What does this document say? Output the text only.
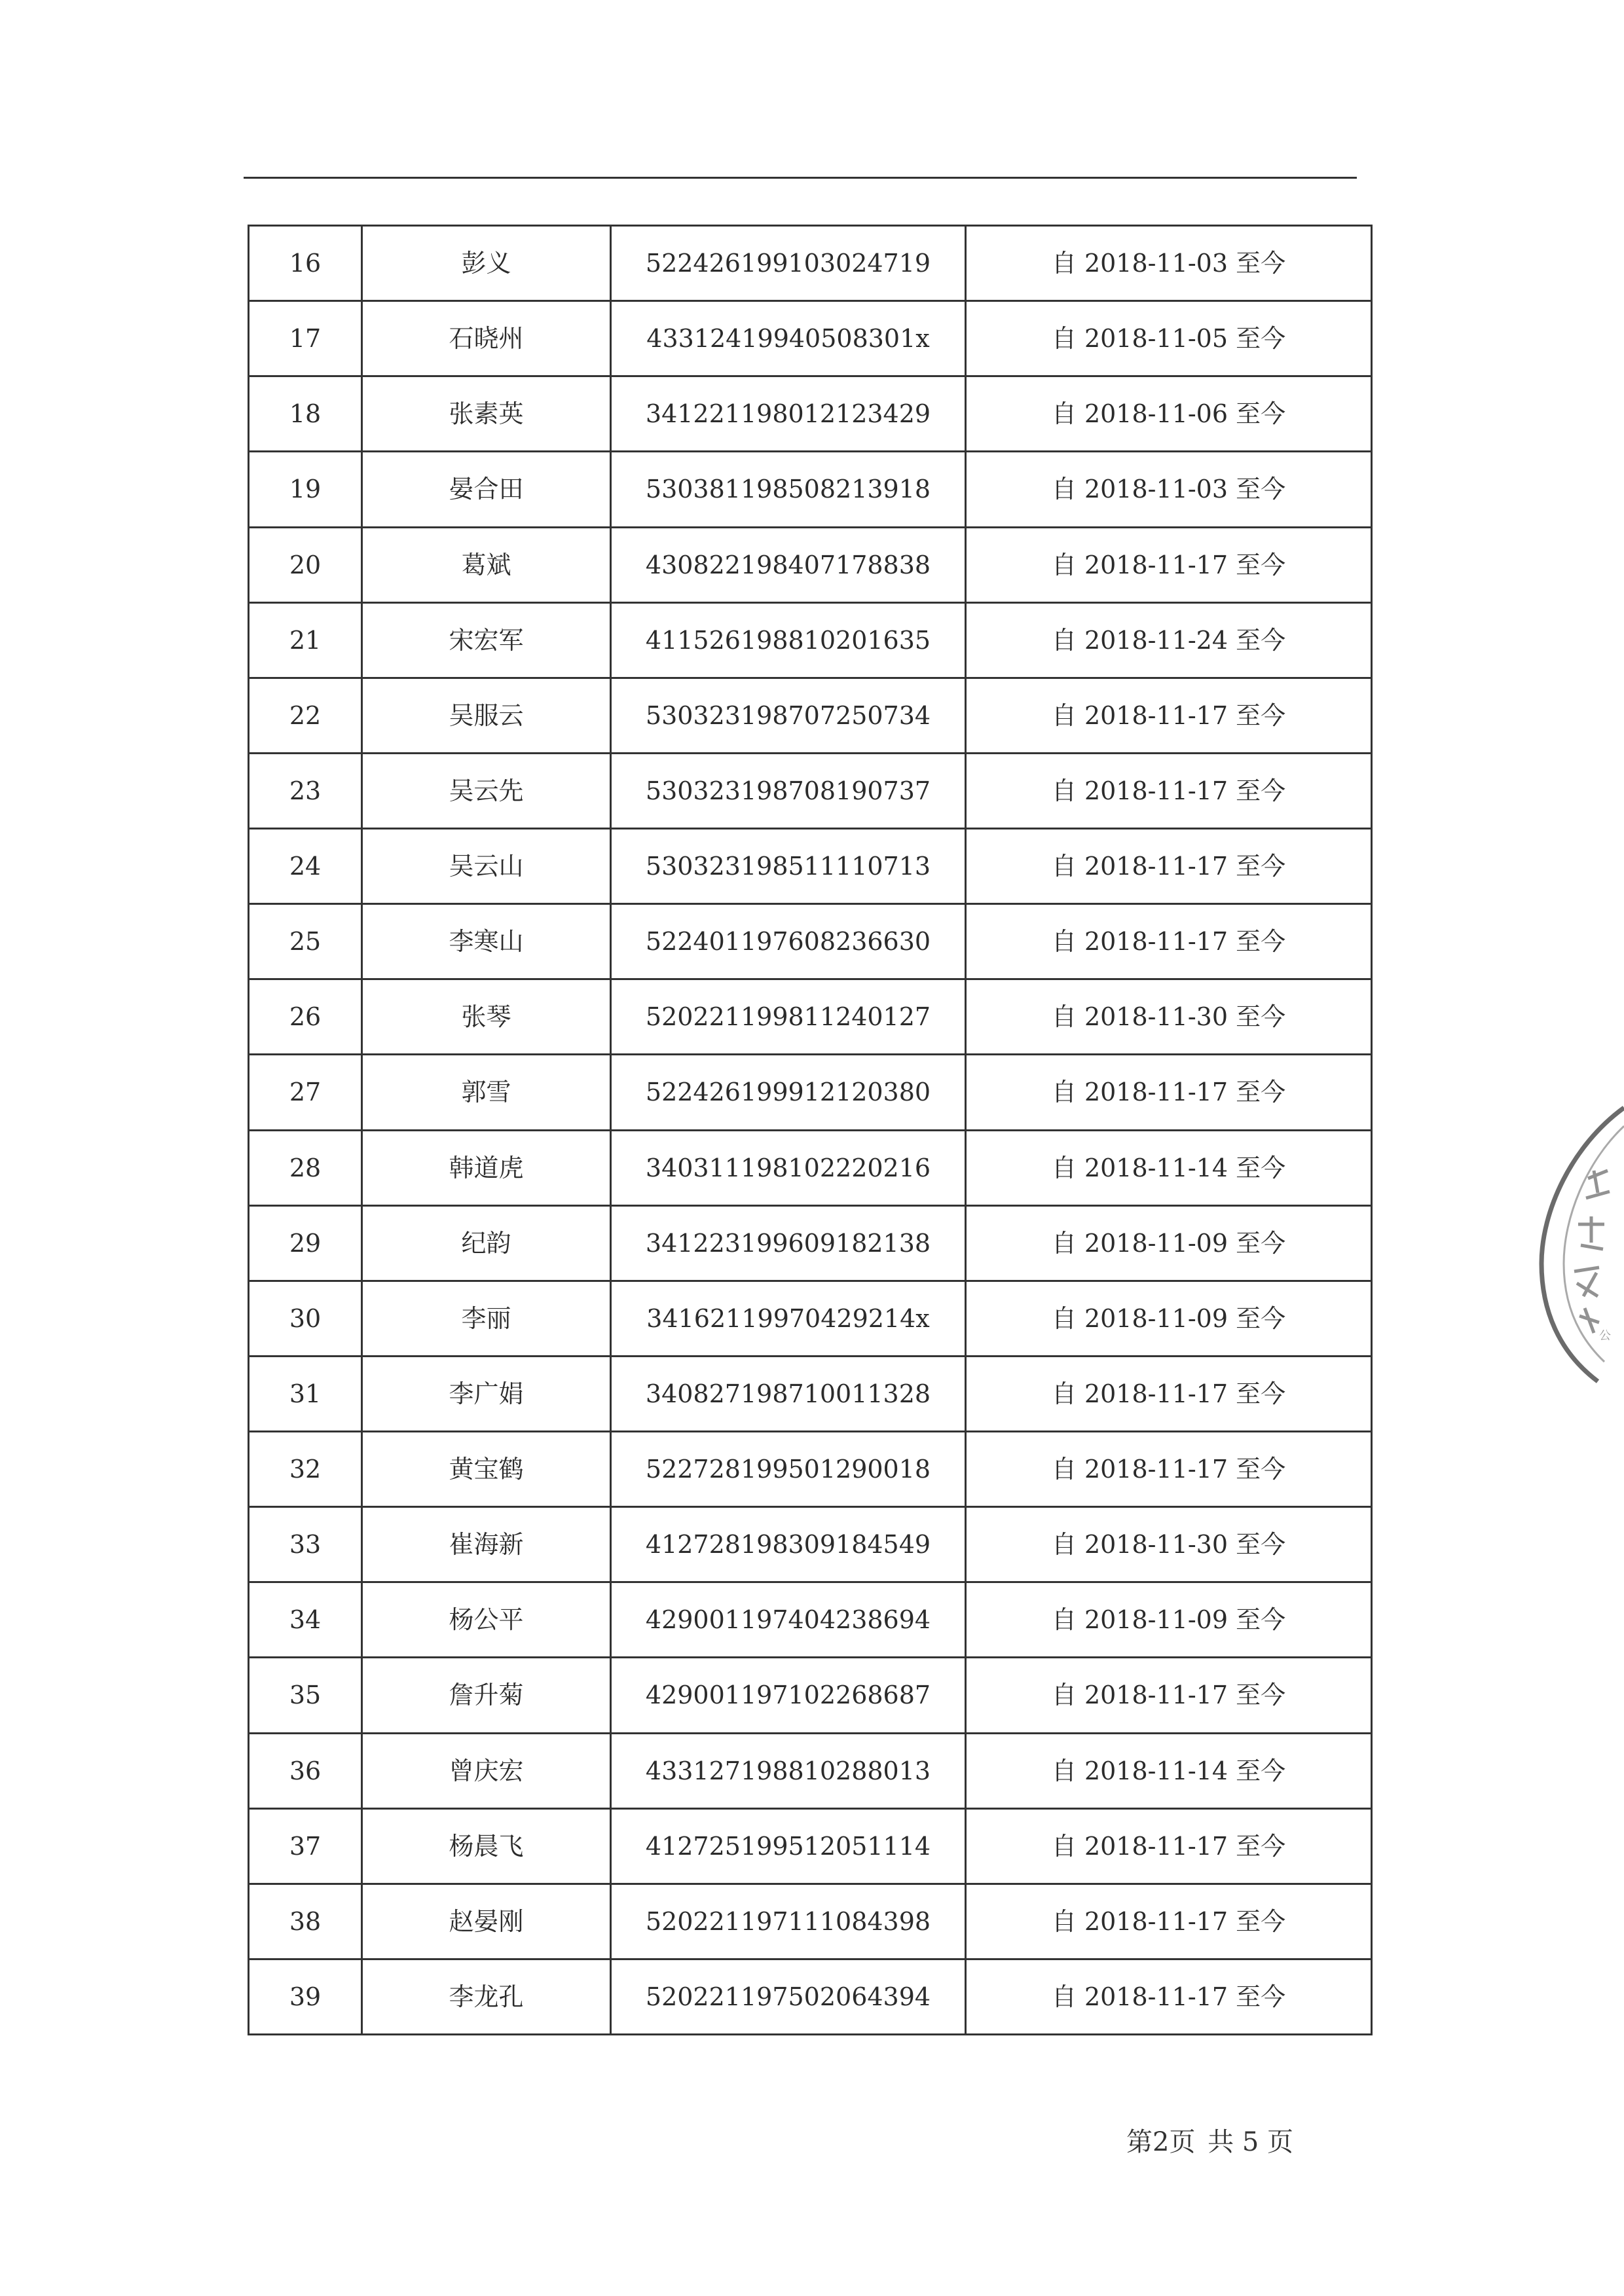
16	彭义	522426199103024719	自 2018-11-03 至今
17	石晓州	43312419940508301x	自 2018-11-05 至今
18	张素英	341221198012123429	自 2018-11-06 至今
19	晏合田	530381198508213918	自 2018-11-03 至今
20	葛斌	430822198407178838	自 2018-11-17 至今
21	宋宏军	411526198810201635	自 2018-11-24 至今
22	吴服云	530323198707250734	自 2018-11-17 至今
23	吴云先	530323198708190737	自 2018-11-17 至今
24	吴云山	530323198511110713	自 2018-11-17 至今
25	李寒山	522401197608236630	自 2018-11-17 至今
26	张琴	520221199811240127	自 2018-11-30 至今
27	郭雪	522426199912120380	自 2018-11-17 至今
28	韩道虎	340311198102220216	自 2018-11-14 至今
29	纪韵	341223199609182138	自 2018-11-09 至今
30	李丽	34162119970429214x	自 2018-11-09 至今
31	李广娟	340827198710011328	自 2018-11-17 至今
32	黄宝鹤	522728199501290018	自 2018-11-17 至今
33	崔海新	412728198309184549	自 2018-11-30 至今
34	杨公平	429001197404238694	自 2018-11-09 至今
35	詹升菊	429001197102268687	自 2018-11-17 至今
36	曾庆宏	433127198810288013	自 2018-11-14 至今
37	杨晨飞	412725199512051114	自 2018-11-17 至今
38	赵晏刚	520221197111084398	自 2018-11-17 至今
39	李龙孔	520221197502064394	自 2018-11-17 至今
第2页 共 5 页
公
